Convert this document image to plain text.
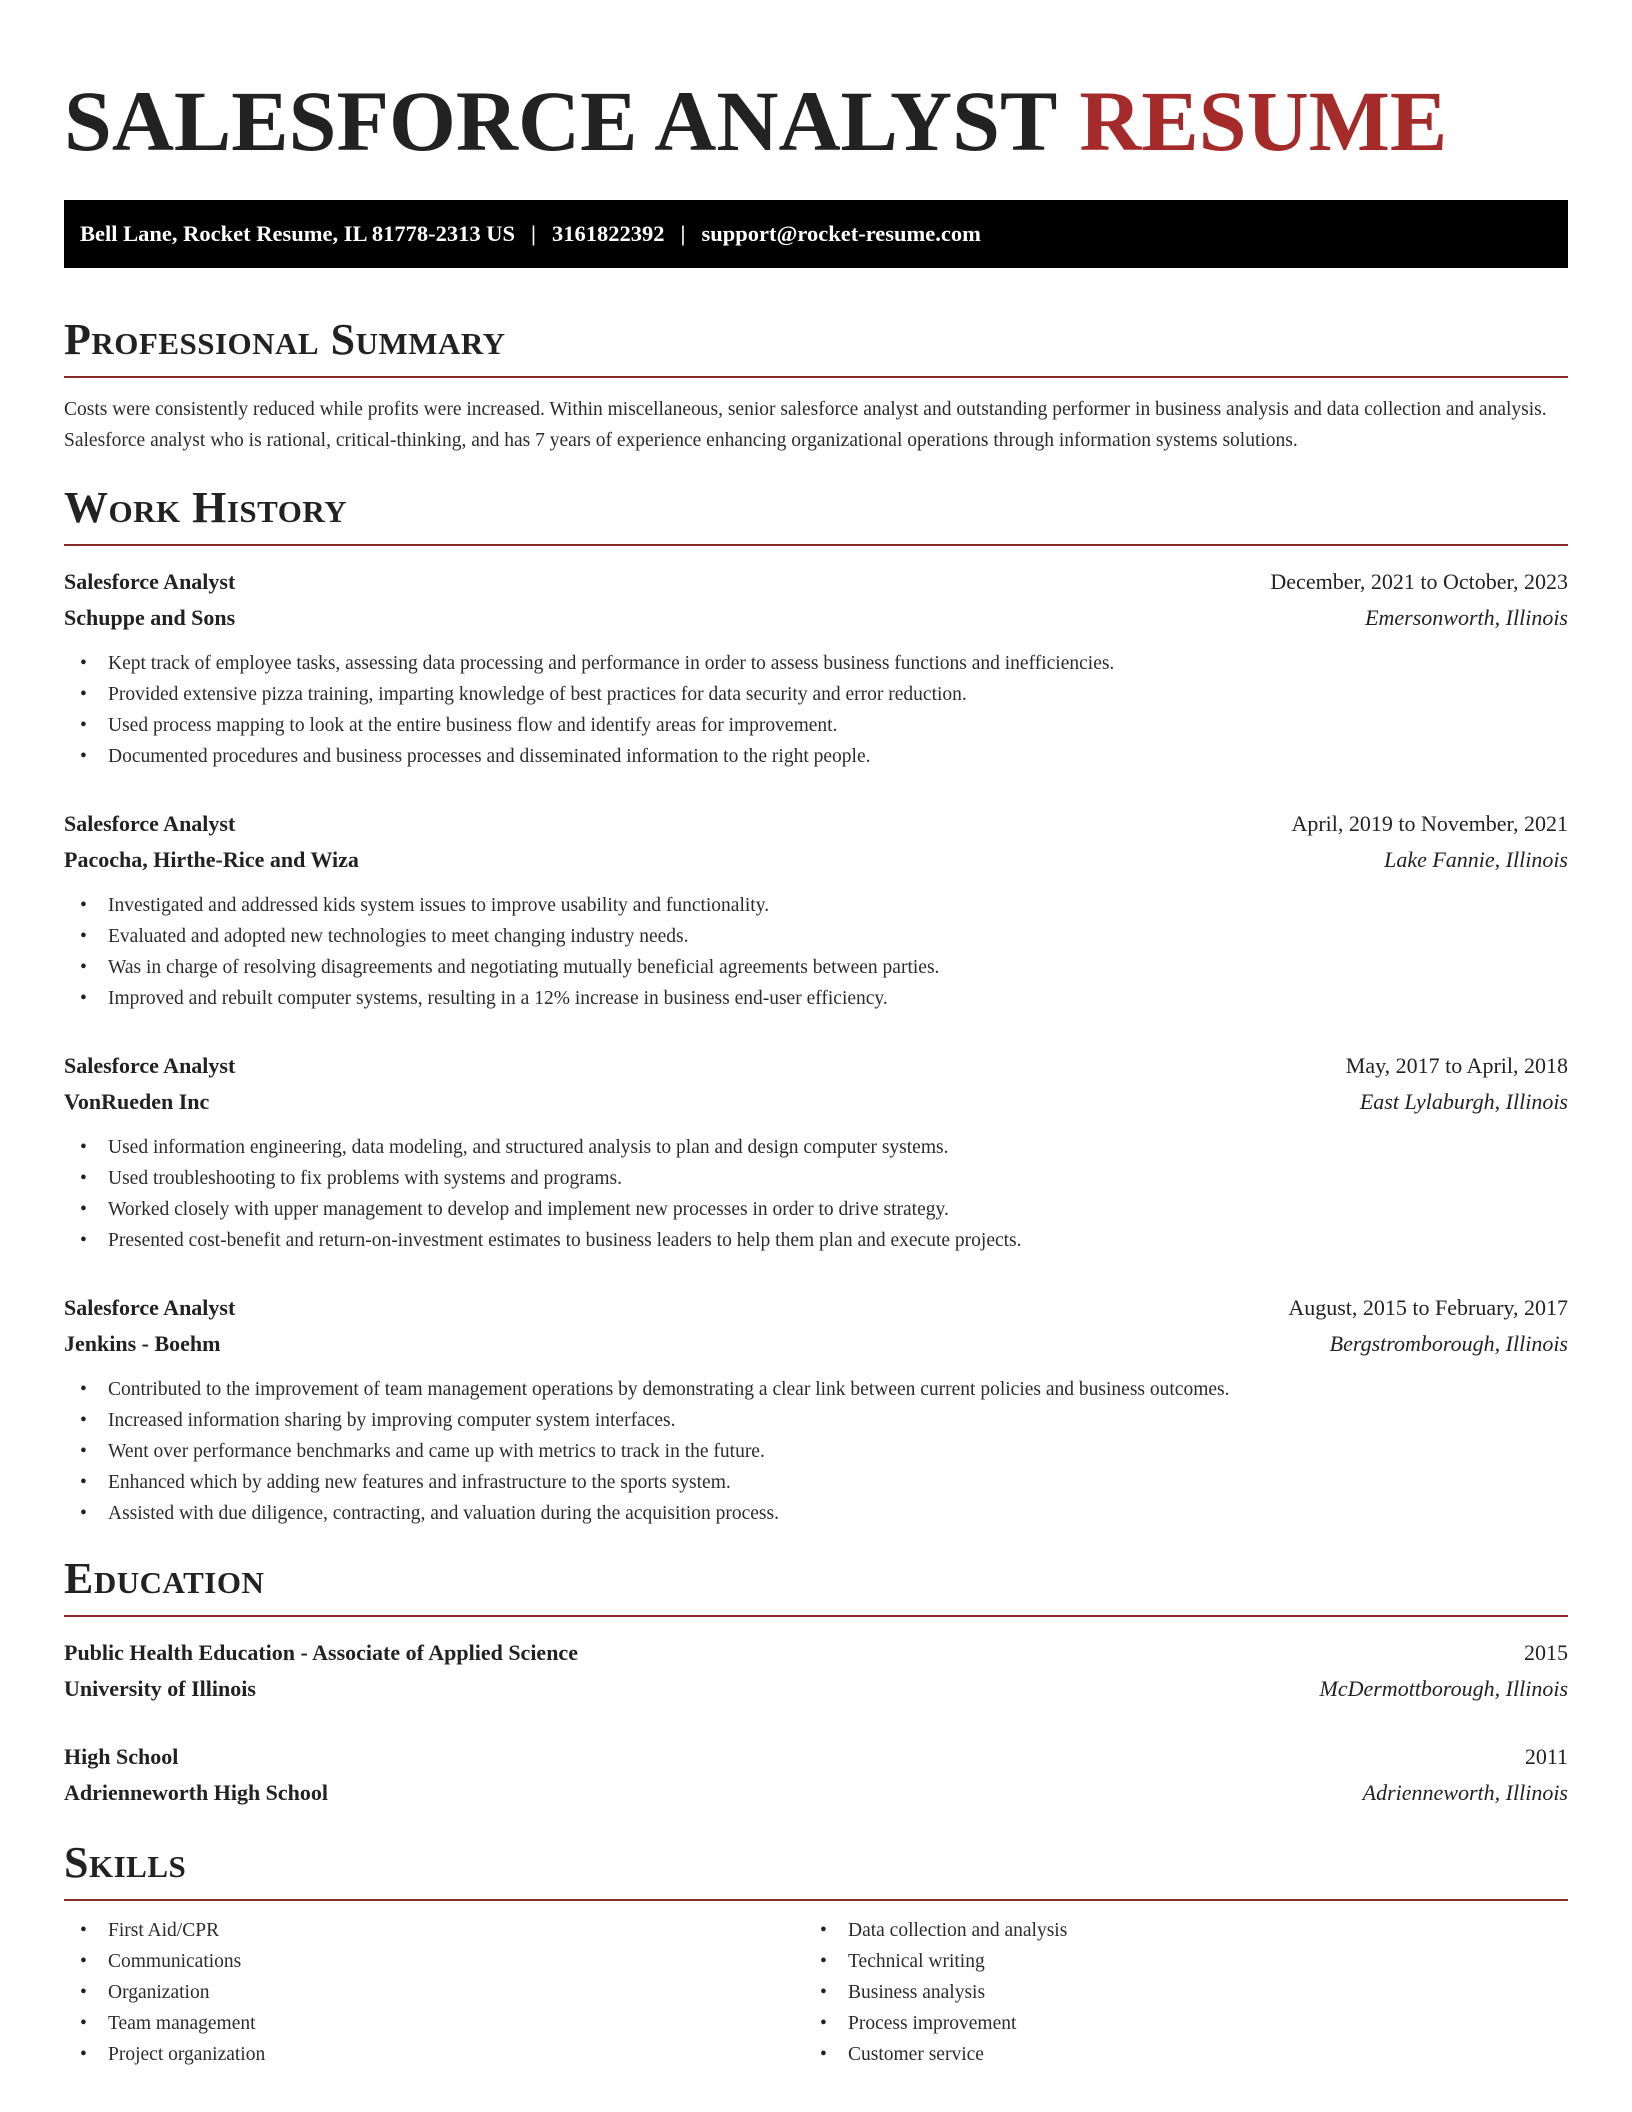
SALESFORCE ANALYST RESUME
Bell Lane, Rocket Resume, IL 81778-2313 US | 3161822392 | support@rocket-resume.com
Professional Summary

Costs were consistently reduced while profits were increased. Within miscellaneous, senior salesforce analyst and outstanding performer in business analysis and data collection and analysis. Salesforce analyst who is rational, critical-thinking, and has 7 years of experience enhancing organizational operations through information systems solutions.

Work History
Salesforce Analyst	December, 2021 to October, 2023
Schuppe and Sons	Emersonworth, Illinois
• Kept track of employee tasks, assessing data processing and performance in order to assess business functions and inefficiencies.
• Provided extensive pizza training, imparting knowledge of best practices for data security and error reduction.
• Used process mapping to look at the entire business flow and identify areas for improvement.
• Documented procedures and business processes and disseminated information to the right people.
Salesforce Analyst	April, 2019 to November, 2021
Pacocha, Hirthe-Rice and Wiza	Lake Fannie, Illinois
• Investigated and addressed kids system issues to improve usability and functionality.
• Evaluated and adopted new technologies to meet changing industry needs.
• Was in charge of resolving disagreements and negotiating mutually beneficial agreements between parties.
• Improved and rebuilt computer systems, resulting in a 12% increase in business end-user efficiency.
Salesforce Analyst	May, 2017 to April, 2018
VonRueden Inc	East Lylaburgh, Illinois
• Used information engineering, data modeling, and structured analysis to plan and design computer systems.
• Used troubleshooting to fix problems with systems and programs.
• Worked closely with upper management to develop and implement new processes in order to drive strategy.
• Presented cost-benefit and return-on-investment estimates to business leaders to help them plan and execute projects.
Salesforce Analyst	August, 2015 to February, 2017
Jenkins - Boehm	Bergstromborough, Illinois
• Contributed to the improvement of team management operations by demonstrating a clear link between current policies and business outcomes.
• Increased information sharing by improving computer system interfaces.
• Went over performance benchmarks and came up with metrics to track in the future.
• Enhanced which by adding new features and infrastructure to the sports system.
• Assisted with due diligence, contracting, and valuation during the acquisition process.
Education
Public Health Education - Associate of Applied Science	2015
University of Illinois	McDermottborough, Illinois
High School	2011
Adrienneworth High School	Adrienneworth, Illinois
Skills
• First Aid/CPR
• Communications
• Organization
• Team management
• Project organization
• Data collection and analysis
• Technical writing
• Business analysis
• Process improvement
• Customer service
